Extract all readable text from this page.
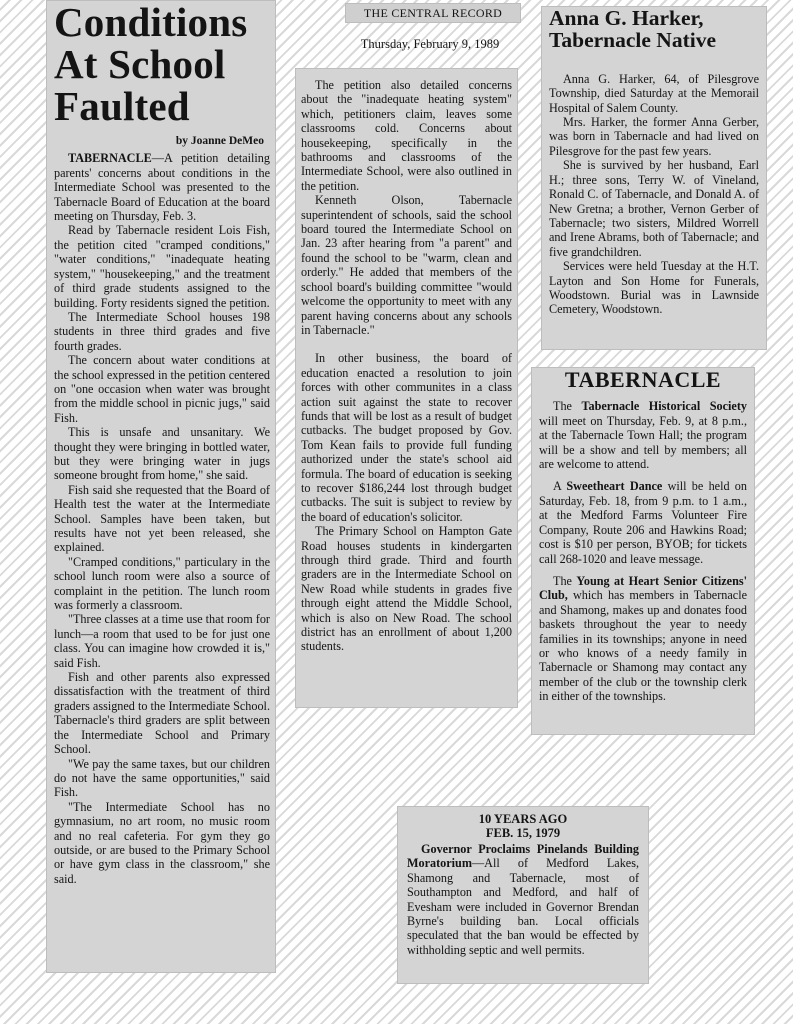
THE CENTRAL RECORD
Thursday, February 9, 1989
Conditions At School Faulted
by Joanne DeMeo

TABERNACLE—A petition detailing parents' concerns about conditions in the Intermediate School was presented to the Tabernacle Board of Education at the board meeting on Thursday, Feb. 3.

Read by Tabernacle resident Lois Fish, the petition cited "cramped conditions," "water conditions," "inadequate heating system," "housekeeping," and the treatment of third grade students assigned to the building. Forty residents signed the petition.

The Intermediate School houses 198 students in three third grades and five fourth grades.

The concern about water conditions at the school expressed in the petition centered on "one occasion when water was brought from the middle school in picnic jugs," said Fish.

This is unsafe and unsanitary. We thought they were bringing in bottled water, but they were bringing water in jugs someone brought from home," she said.

Fish said she requested that the Board of Health test the water at the Intermediate School. Samples have been taken, but results have not yet been released, she explained.

"Cramped conditions," particulary in the school lunch room were also a source of complaint in the petition. The lunch room was formerly a classroom.

"Three classes at a time use that room for lunch—a room that used to be for just one class. You can imagine how crowded it is," said Fish.

Fish and other parents also expressed dissatisfaction with the treatment of third graders assigned to the Intermediate School. Tabernacle's third graders are split between the Intermediate School and Primary School.

"We pay the same taxes, but our children do not have the same opportunities," said Fish.

"The Intermediate School has no gymnasium, no art room, no music room and no real cafeteria. For gym they go outside, or are bused to the Primary School or have gym class in the classroom," she said.

The petition also detailed concerns about the "inadequate heating system" which, petitioners claim, leaves some classrooms cold. Concerns about housekeeping, specifically in the bathrooms and classrooms of the Intermediate School, were also outlined in the petition.

Kenneth Olson, Tabernacle superintendent of schools, said the school board toured the Intermediate School on Jan. 23 after hearing from "a parent" and found the school to be "warm, clean and orderly." He added that members of the school board's building committee "would welcome the opportunity to meet with any parent having concerns about any schools in Tabernacle."

In other business, the board of education enacted a resolution to join forces with other communites in a class action suit against the state to recover funds that will be lost as a result of budget cutbacks. The budget proposed by Gov. Tom Kean fails to provide full funding authorized under the state's school aid formula. The board of education is seeking to recover $186,244 lost through budget cutbacks. The suit is subject to review by the board of education's solicitor.

The Primary School on Hampton Gate Road houses students in kindergarten through third grade. Third and fourth graders are in the Intermediate School on New Road while students in grades five through eight attend the Middle School, which is also on New Road. The school district has an enrollment of about 1,200 students.

Anna G. Harker, Tabernacle Native

Anna G. Harker, 64, of Pilesgrove Township, died Saturday at the Memorail Hospital of Salem County.

Mrs. Harker, the former Anna Gerber, was born in Tabernacle and had lived on Pilesgrove for the past few years.

She is survived by her husband, Earl H.; three sons, Terry W. of Vineland, Ronald C. of Tabernacle, and Donald A. of New Gretna; a brother, Vernon Gerber of Tabernacle; two sisters, Mildred Worrell and Irene Abrams, both of Tabernacle; and five grandchildren.

Services were held Tuesday at the H.T. Layton and Son Home for Funerals, Woodstown. Burial was in Lawnside Cemetery, Woodstown.

TABERNACLE

The Tabernacle Historical Society will meet on Thursday, Feb. 9, at 8 p.m., at the Tabernacle Town Hall; the program will be a show and tell by members; all are welcome to attend.

A Sweetheart Dance will be held on Saturday, Feb. 18, from 9 p.m. to 1 a.m., at the Medford Farms Volunteer Fire Company, Route 206 and Hawkins Road; cost is $10 per person, BYOB; for tickets call 268-1020 and leave message.

The Young at Heart Senior Citizens' Club, which has members in Tabernacle and Shamong, makes up and donates food baskets throughout the year to needy families in its townships; anyone in need or who knows of a needy family in Tabernacle or Shamong may contact any member of the club or the township clerk in either of the townships.

10 YEARS AGO
FEB. 15, 1979

Governor Proclaims Pinelands Building Moratorium—All of Medford Lakes, Shamong and Tabernacle, most of Southampton and Medford, and half of Evesham were included in Governor Brendan Byrne's building ban. Local officials speculated that the ban would be effected by withholding septic and well permits.
